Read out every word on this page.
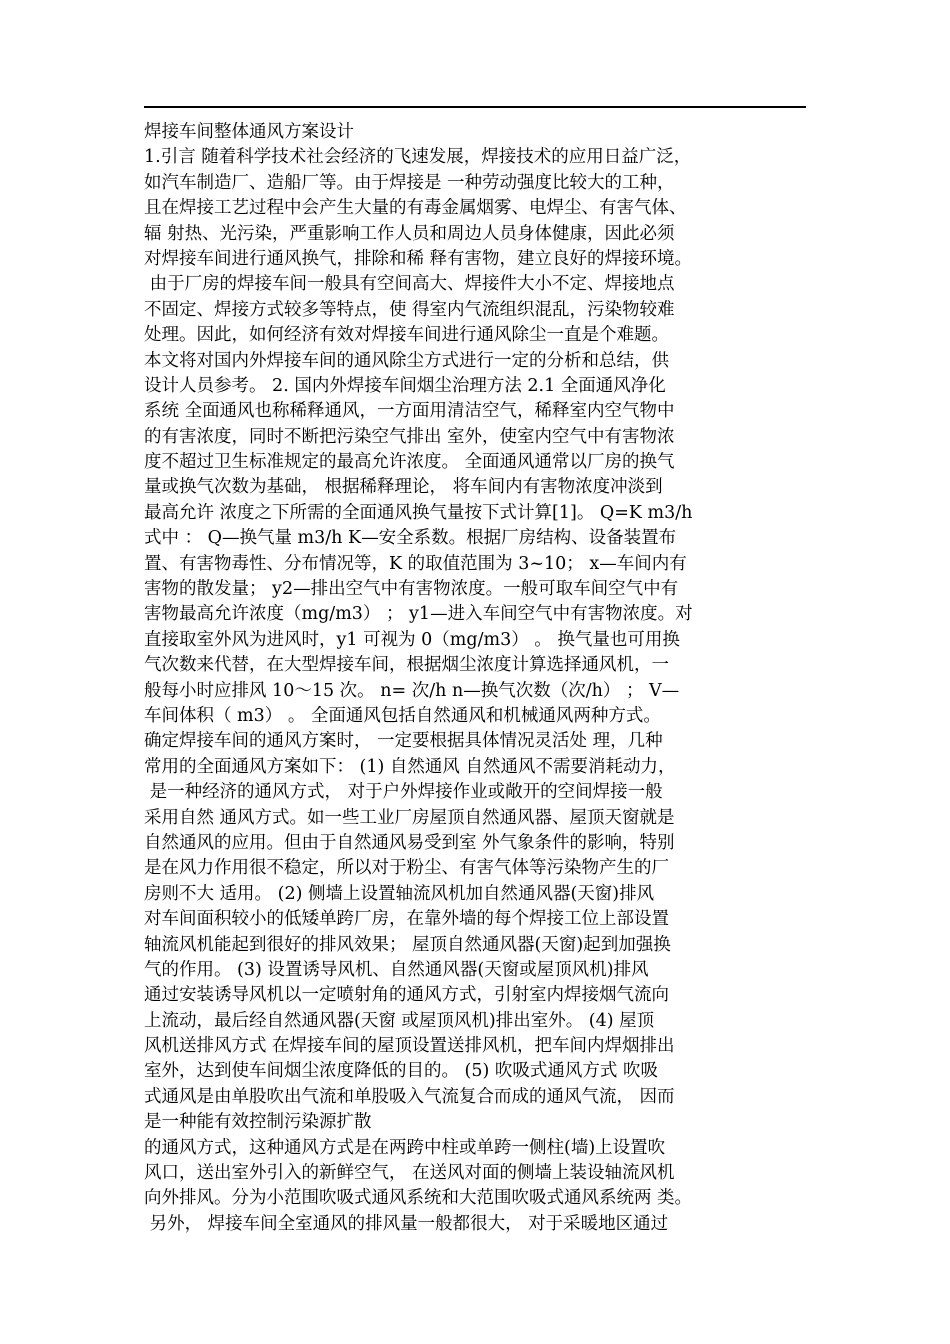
焊接车间整体通风方案设计
1.引言 随着科学技术社会经济的飞速发展，焊接技术的应用日益广泛，
如汽车制造厂、造船厂等。由于焊接是 一种劳动强度比较大的工种，
且在焊接工艺过程中会产生大量的有毒金属烟雾、电焊尘、有害气体、
辐 射热、光污染，严重影响工作人员和周边人员身体健康，因此必须
对焊接车间进行通风换气，排除和稀 释有害物，建立良好的焊接环境。
由于厂房的焊接车间一般具有空间高大、焊接件大小不定、焊接地点
不固定、焊接方式较多等特点，使 得室内气流组织混乱，污染物较难
处理。因此，如何经济有效对焊接车间进行通风除尘一直是个难题。
本文将对国内外焊接车间的通风除尘方式进行一定的分析和总结，供
设计人员参考。 2. 国内外焊接车间烟尘治理方法 2.1 全面通风净化
系统 全面通风也称稀释通风，一方面用清洁空气，稀释室内空气物中
的有害浓度，同时不断把污染空气排出 室外，使室内空气中有害物浓
度不超过卫生标准规定的最高允许浓度。 全面通风通常以厂房的换气
量或换气次数为基础， 根据稀释理论， 将车间内有害物浓度冲淡到
最高允许 浓度之下所需的全面通风换气量按下式计算[1]。 Q=K m3/h
式中 ： Q—换气量 m3/h K—安全系数。根据厂房结构、设备装置布
置、有害物毒性、分布情况等，K 的取值范围为 3~10； x—车间内有
害物的散发量； y2—排出空气中有害物浓度。一般可取车间空气中有
害物最高允许浓度（mg/m3） ； y1—进入车间空气中有害物浓度。对
直接取室外风为进风时，y1 可视为 0（mg/m3） 。 换气量也可用换
气次数来代替，在大型焊接车间，根据烟尘浓度计算选择通风机，一
般每小时应排风 10～15 次。 n= 次/h n—换气次数（次/h） ； V—
车间体积（ m3） 。 全面通风包括自然通风和机械通风两种方式。
确定焊接车间的通风方案时， 一定要根据具体情况灵活处 理，几种
常用的全面通风方案如下： (1) 自然通风 自然通风不需要消耗动力，
是一种经济的通风方式， 对于户外焊接作业或敞开的空间焊接一般
采用自然 通风方式。如一些工业厂房屋顶自然通风器、屋顶天窗就是
自然通风的应用。但由于自然通风易受到室 外气象条件的影响，特别
是在风力作用很不稳定，所以对于粉尘、有害气体等污染物产生的厂
房则不大 适用。 (2) 侧墙上设置轴流风机加自然通风器(天窗)排风
对车间面积较小的低矮单跨厂房，在靠外墙的每个焊接工位上部设置
轴流风机能起到很好的排风效果； 屋顶自然通风器(天窗)起到加强换
气的作用。 (3) 设置诱导风机、自然通风器(天窗或屋顶风机)排风
通过安装诱导风机以一定喷射角的通风方式，引射室内焊接烟气流向
上流动，最后经自然通风器(天窗 或屋顶风机)排出室外。 (4) 屋顶
风机送排风方式 在焊接车间的屋顶设置送排风机，把车间内焊烟排出
室外，达到使车间烟尘浓度降低的目的。 (5) 吹吸式通风方式 吹吸
式通风是由单股吹出气流和单股吸入气流复合而成的通风气流， 因而
是一种能有效控制污染源扩散
的通风方式，这种通风方式是在两跨中柱或单跨一侧柱(墙)上设置吹
风口，送出室外引入的新鲜空气， 在送风对面的侧墙上装设轴流风机
向外排风。分为小范围吹吸式通风系统和大范围吹吸式通风系统两 类。
另外， 焊接车间全室通风的排风量一般都很大， 对于采暖地区通过
